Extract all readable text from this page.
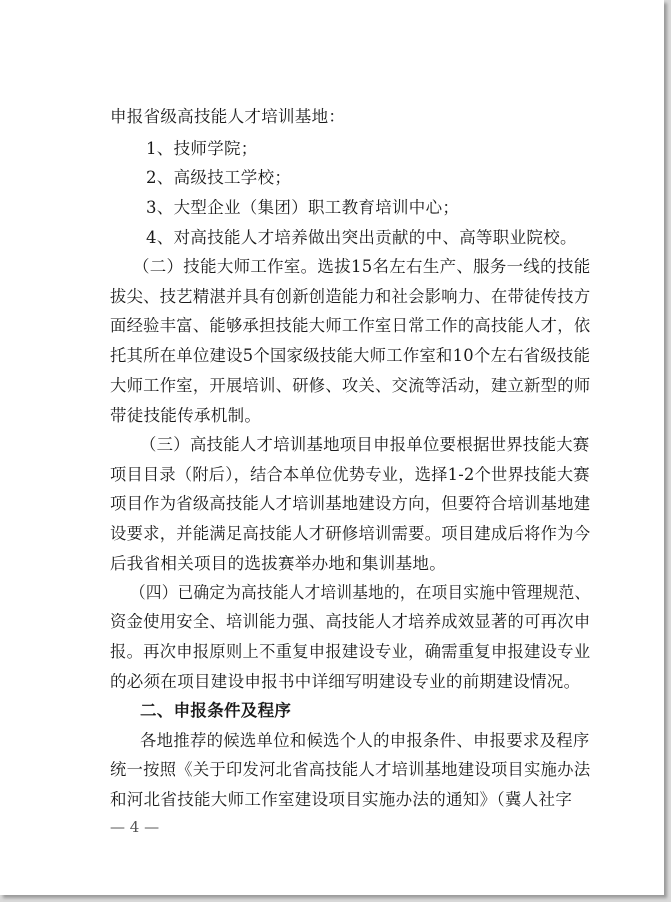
申报省级高技能人才培训基地：
1、技师学院；
2、高级技工学校；
3、大型企业（集团）职工教育培训中心；
4、对高技能人才培养做出突出贡献的中、高等职业院校。
（二）技能大师工作室。选拔15名左右生产、服务一线的技能
拔尖、技艺精湛并具有创新创造能力和社会影响力、在带徒传技方
面经验丰富、能够承担技能大师工作室日常工作的高技能人才，依
托其所在单位建设5个国家级技能大师工作室和10个左右省级技能
大师工作室，开展培训、研修、攻关、交流等活动，建立新型的师
带徒技能传承机制。
（三）高技能人才培训基地项目申报单位要根据世界技能大赛
项目目录（附后），结合本单位优势专业，选择1-2个世界技能大赛
项目作为省级高技能人才培训基地建设方向，但要符合培训基地建
设要求，并能满足高技能人才研修培训需要。项目建成后将作为今
后我省相关项目的选拔赛举办地和集训基地。
（四）已确定为高技能人才培训基地的，在项目实施中管理规范、
资金使用安全、培训能力强、高技能人才培养成效显著的可再次申
报。再次申报原则上不重复申报建设专业，确需重复申报建设专业
的必须在项目建设申报书中详细写明建设专业的前期建设情况。
二、申报条件及程序
各地推荐的候选单位和候选个人的申报条件、申报要求及程序
统一按照《关于印发河北省高技能人才培训基地建设项目实施办法
和河北省技能大师工作室建设项目实施办法的通知》（冀人社字
— 4 —
